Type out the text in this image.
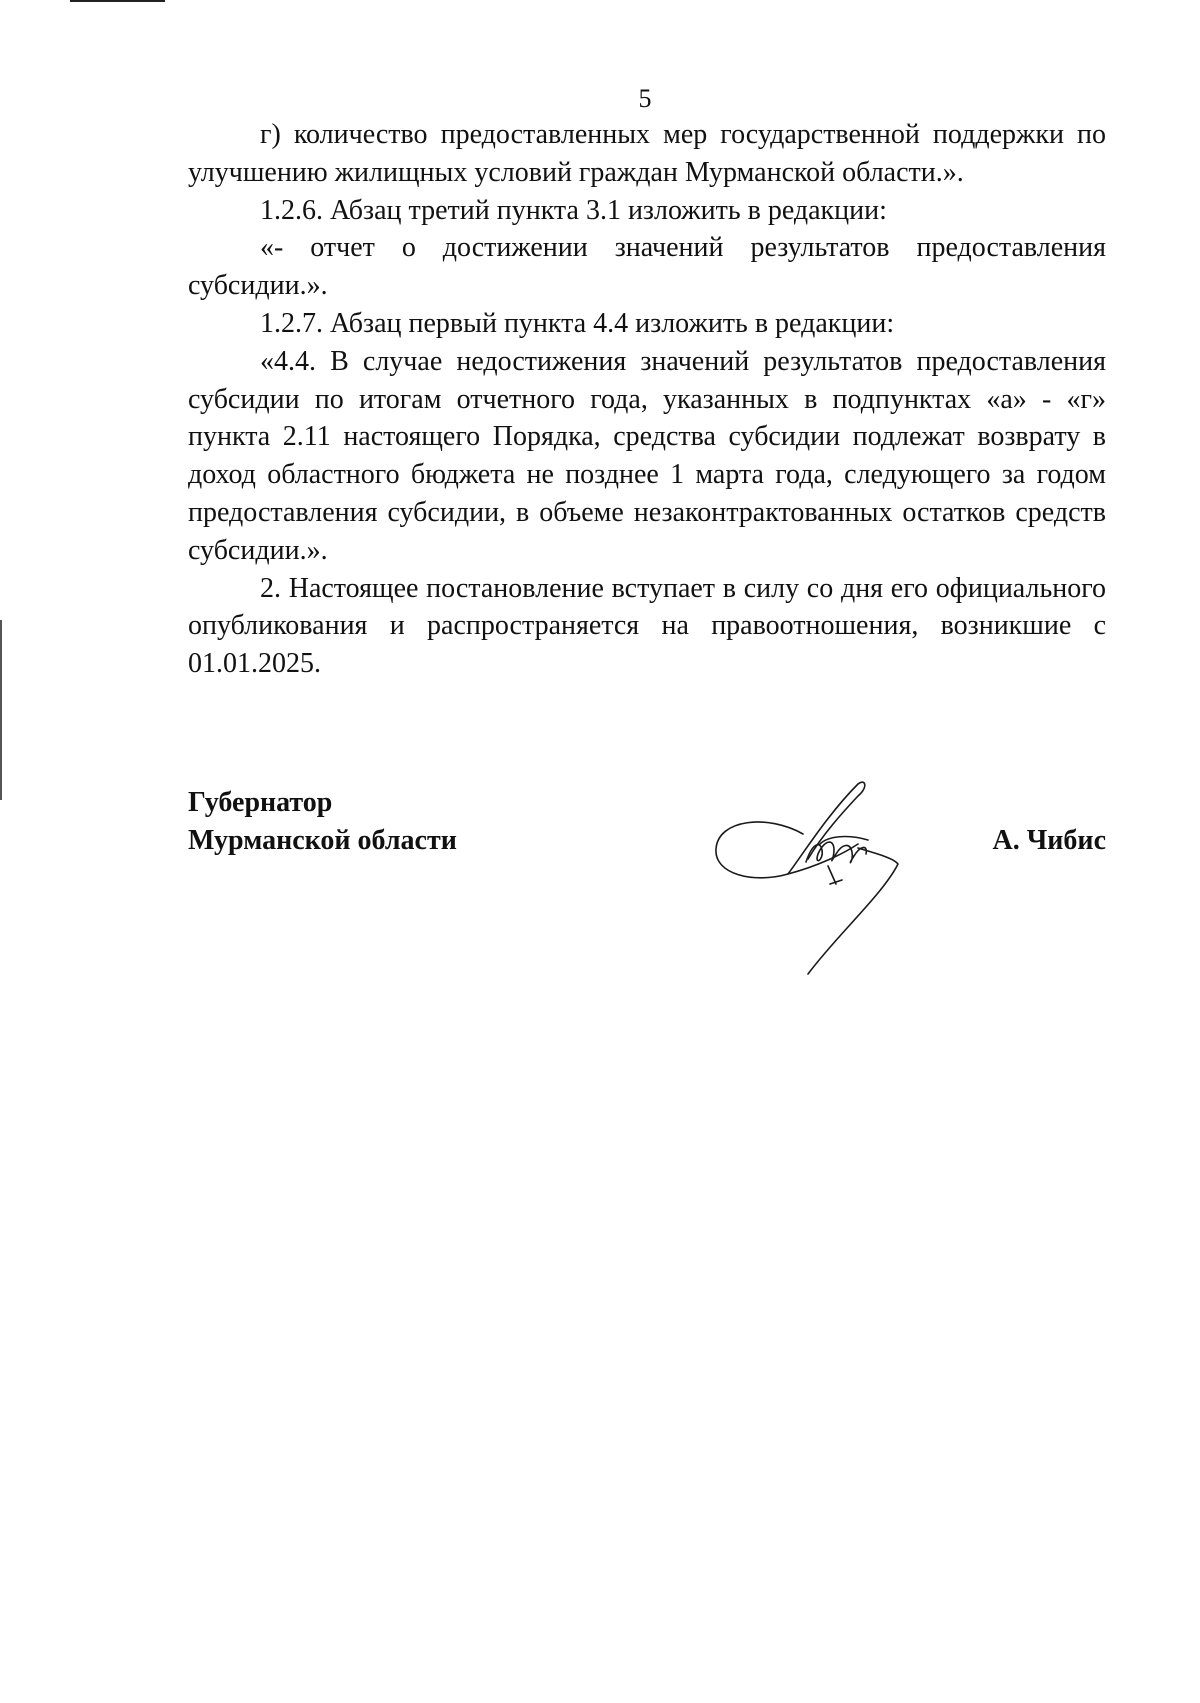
5

г) количество предоставленных мер государственной поддержки по улучшению жилищных условий граждан Мурманской области.».

1.2.6. Абзац третий пункта 3.1 изложить в редакции:

«- отчет о достижении значений результатов предоставления субсидии.».

1.2.7. Абзац первый пункта 4.4 изложить в редакции:

«4.4. В случае недостижения значений результатов предоставления субсидии по итогам отчетного года, указанных в подпунктах «а» - «г» пункта 2.11 настоящего Порядка, средства субсидии подлежат возврату в доход областного бюджета не позднее 1 марта года, следующего за годом предоставления субсидии, в объеме незаконтрактованных остатков средств субсидии.».

2. Настоящее постановление вступает в силу со дня его официального опубликования и распространяется на правоотношения, возникшие с 01.01.2025.

Губернатор
Мурманской области	А. Чибис
